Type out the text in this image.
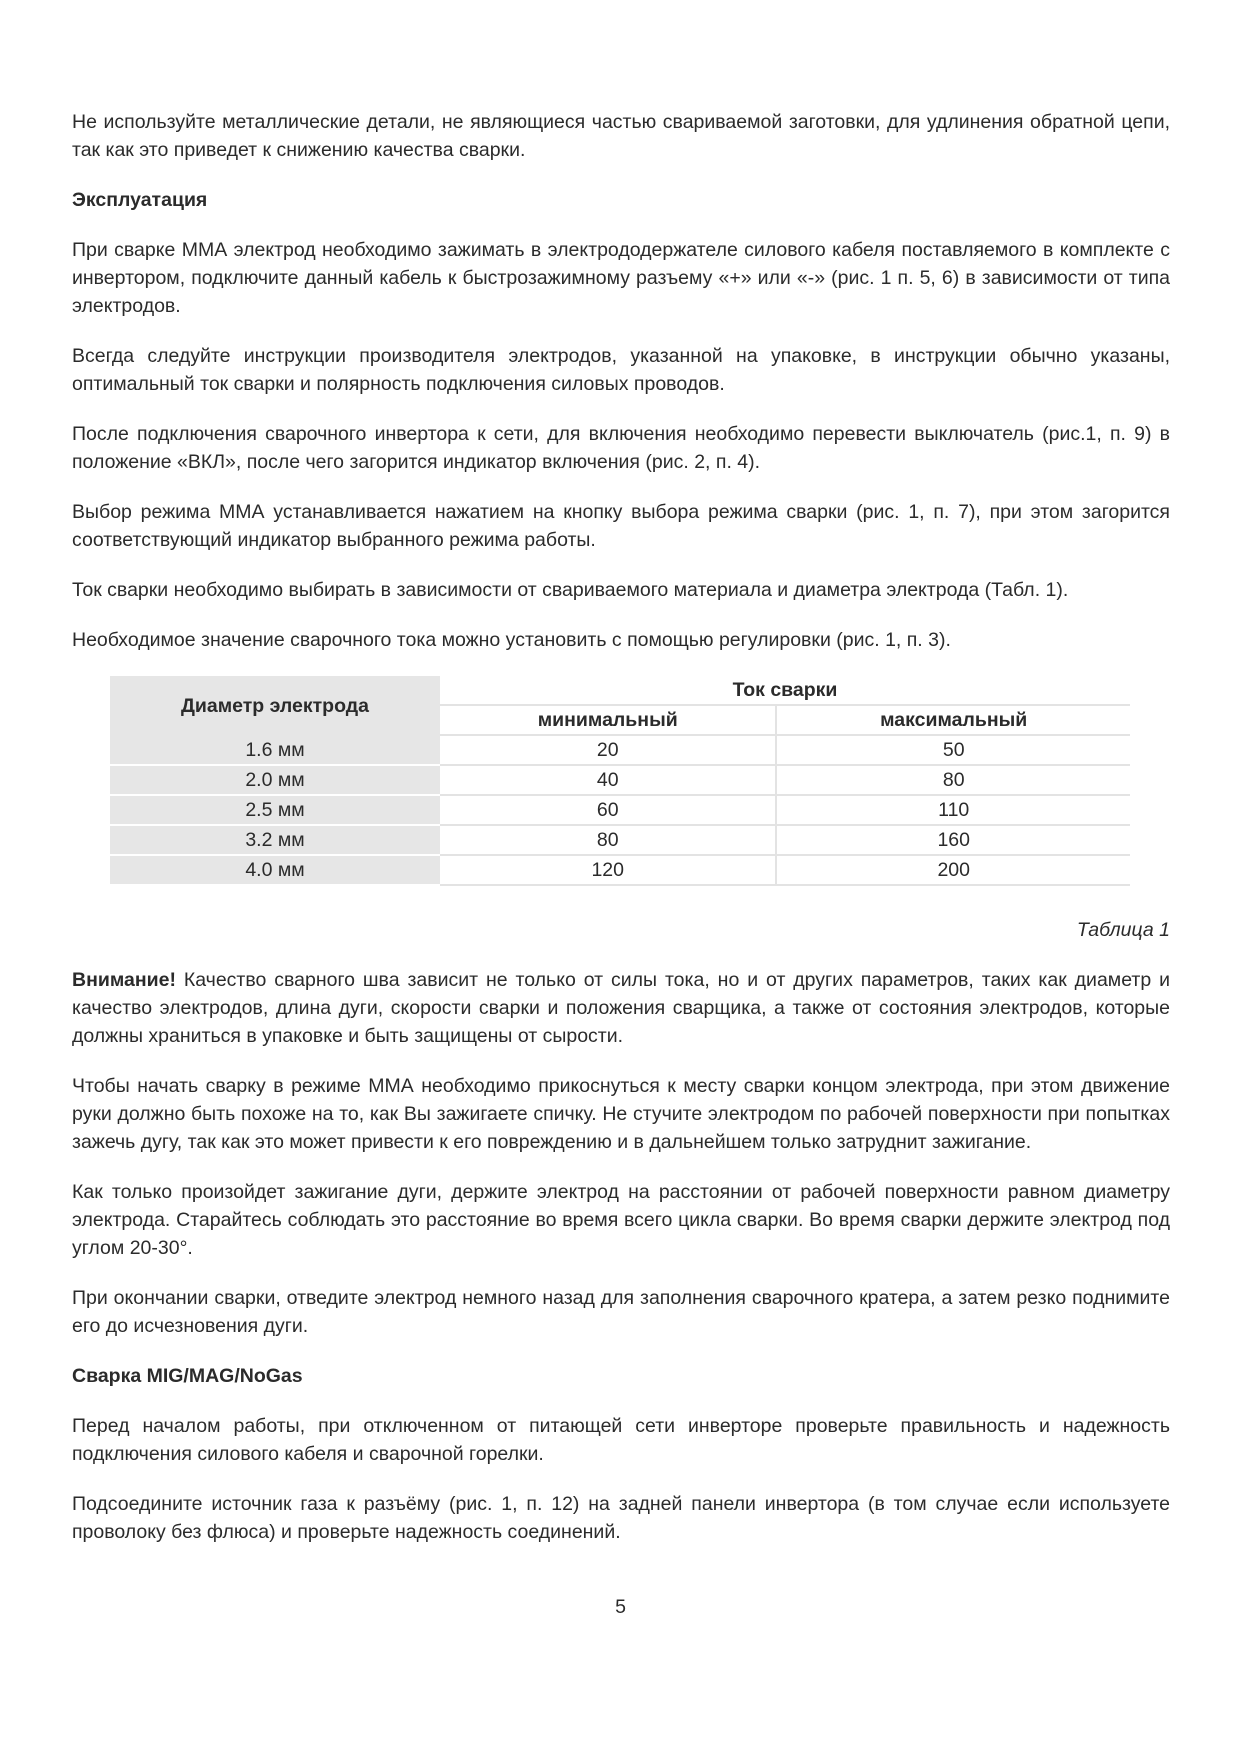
Не используйте металлические детали, не являющиеся частью свариваемой заготовки, для удлинения обратной цепи, так как это приведет к снижению качества сварки.

Эксплуатация

При сварке ММА электрод необходимо зажимать в электрододержателе силового кабеля поставляемого в комплекте с инвертором, подключите данный кабель к быстрозажимному разъему «+» или «-» (рис. 1 п. 5, 6) в зависимости от типа электродов.

Всегда следуйте инструкции производителя электродов, указанной на упаковке, в инструкции обычно указаны, оптимальный ток сварки и полярность подключения силовых проводов.

После подключения сварочного инвертора к сети, для включения необходимо перевести выключатель (рис.1, п. 9) в положение «ВКЛ», после чего загорится индикатор включения (рис. 2, п. 4).

Выбор режима ММА устанавливается нажатием на кнопку выбора режима сварки (рис. 1, п. 7), при этом загорится соответствующий индикатор выбранного режима работы.

Ток сварки необходимо выбирать в зависимости от свариваемого материала и диаметра электрода (Табл. 1).

Необходимое значение сварочного тока можно установить с помощью регулировки (рис. 1, п. 3).

Диаметр электрода	Ток сварки	
	минимальный	максимальный
1.6 мм	20	50
2.0 мм	40	80
2.5 мм	60	110
3.2 мм	80	160
4.0 мм	120	200

Таблица 1

Внимание! Качество сварного шва зависит не только от силы тока, но и от других параметров, таких как диаметр и качество электродов, длина дуги, скорости сварки и положения сварщика, а также от состояния электродов, которые должны храниться в упаковке и быть защищены от сырости.

Чтобы начать сварку в режиме ММА необходимо прикоснуться к месту сварки концом электрода, при этом движение руки должно быть похоже на то, как Вы зажигаете спичку. Не стучите электродом по рабочей поверхности при попытках зажечь дугу, так как это может привести к его повреждению и в дальнейшем только затруднит зажигание.

Как только произойдет зажигание дуги, держите электрод на расстоянии от рабочей поверхности равном диаметру электрода. Старайтесь соблюдать это расстояние во время всего цикла сварки. Во время сварки держите электрод под углом 20-30°.

При окончании сварки, отведите электрод немного назад для заполнения сварочного кратера, а затем резко поднимите его до исчезновения дуги.

Сварка MIG/MAG/NoGas

Перед началом работы, при отключенном от питающей сети инверторе проверьте правильность и надежность подключения силового кабеля и сварочной горелки.

Подсоедините источник газа к разъёму (рис. 1, п. 12) на задней панели инвертора (в том случае если используете проволоку без флюса) и проверьте надежность соединений.

5
